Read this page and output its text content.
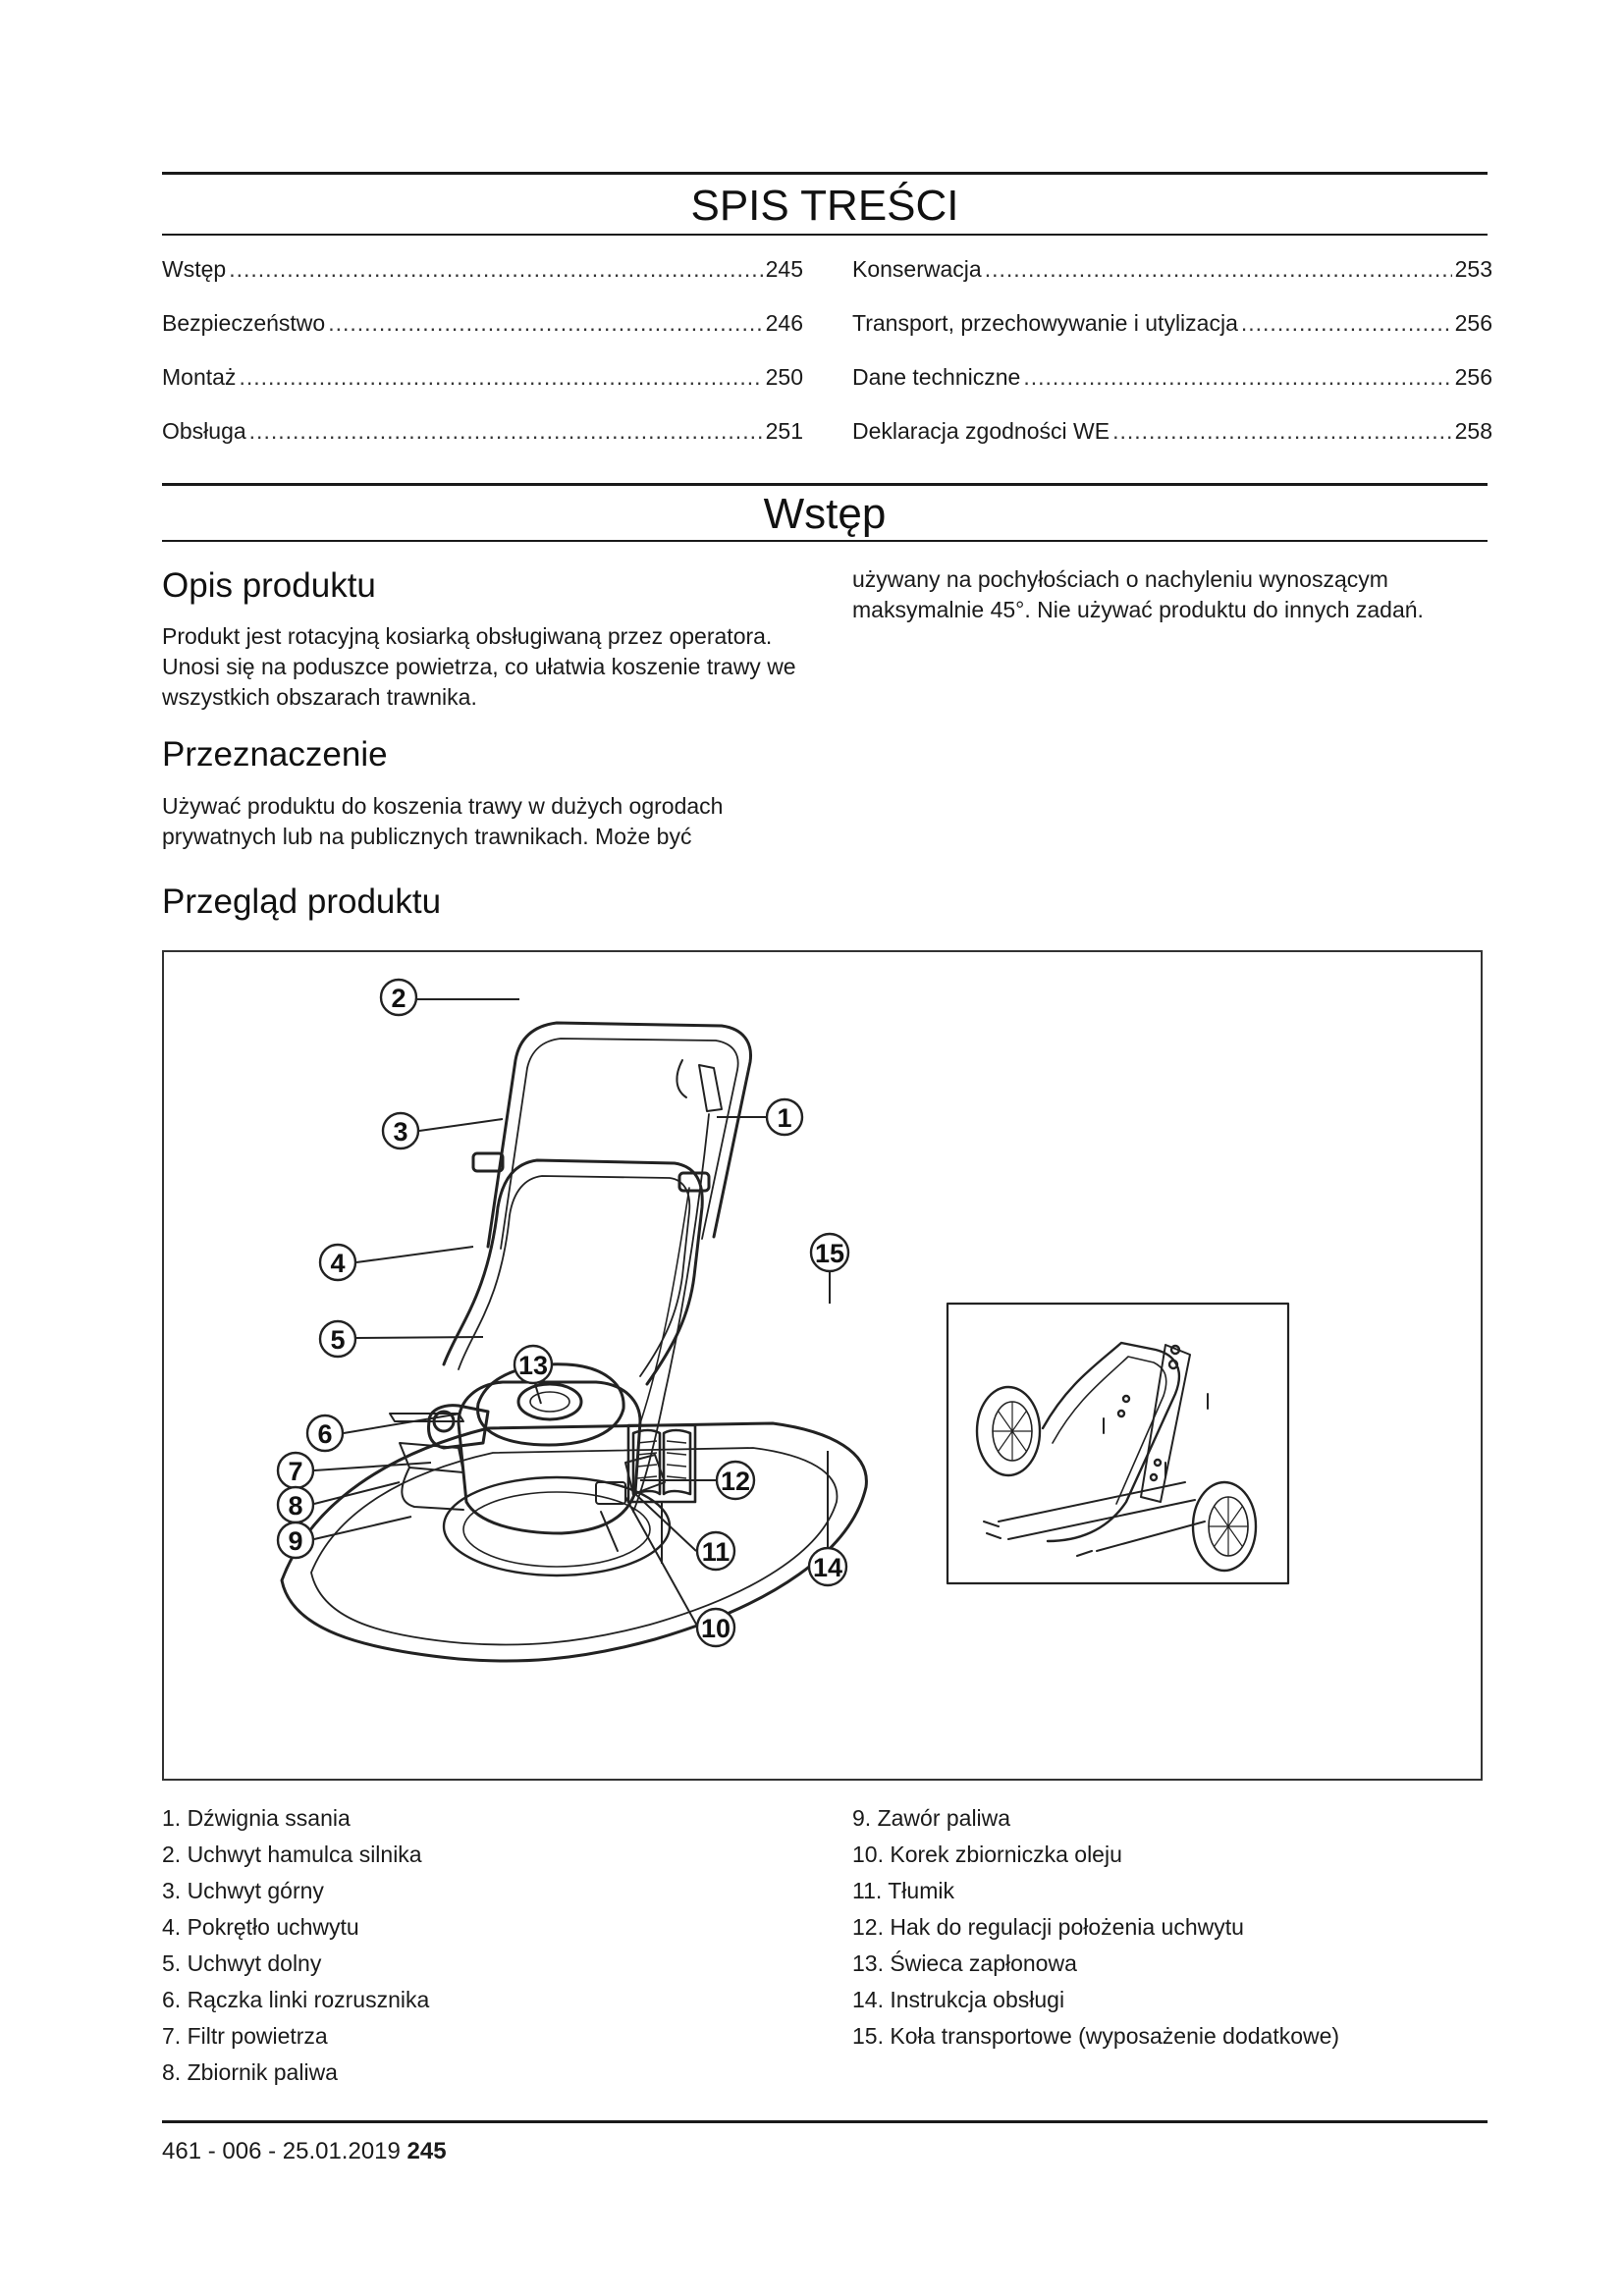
SPIS TREŚCI
Wstęp .....	245
Bezpieczeństwo .....	246
Montaż .....	250
Obsługa .....	251
Konserwacja .....	253
Transport, przechowywanie i utylizacja .....	256
Dane techniczne .....	256
Deklaracja zgodności WE .....	258
Wstęp
Opis produktu
Produkt jest rotacyjną kosiarką obsługiwaną przez operatora. Unosi się na poduszce powietrza, co ułatwia koszenie trawy we wszystkich obszarach trawnika.
Przeznaczenie
Używać produktu do koszenia trawy w dużych ogrodach prywatnych lub na publicznych trawnikach. Może być
używany na pochyłościach o nachyleniu wynoszącym maksymalnie 45°. Nie używać produktu do innych zadań.
Przegląd produktu
1
2
3
4
5
6
7
8
9
10
11
12
13
14
15
1. Dźwignia ssania
2. Uchwyt hamulca silnika
3. Uchwyt górny
4. Pokrętło uchwytu
5. Uchwyt dolny
6. Rączka linki rozrusznika
7. Filtr powietrza
8. Zbiornik paliwa
9. Zawór paliwa
10. Korek zbiorniczka oleju
11. Tłumik
12. Hak do regulacji położenia uchwytu
13. Świeca zapłonowa
14. Instrukcja obsługi
15. Koła transportowe (wyposażenie dodatkowe)
461 - 006 - 25.01.2019 245
